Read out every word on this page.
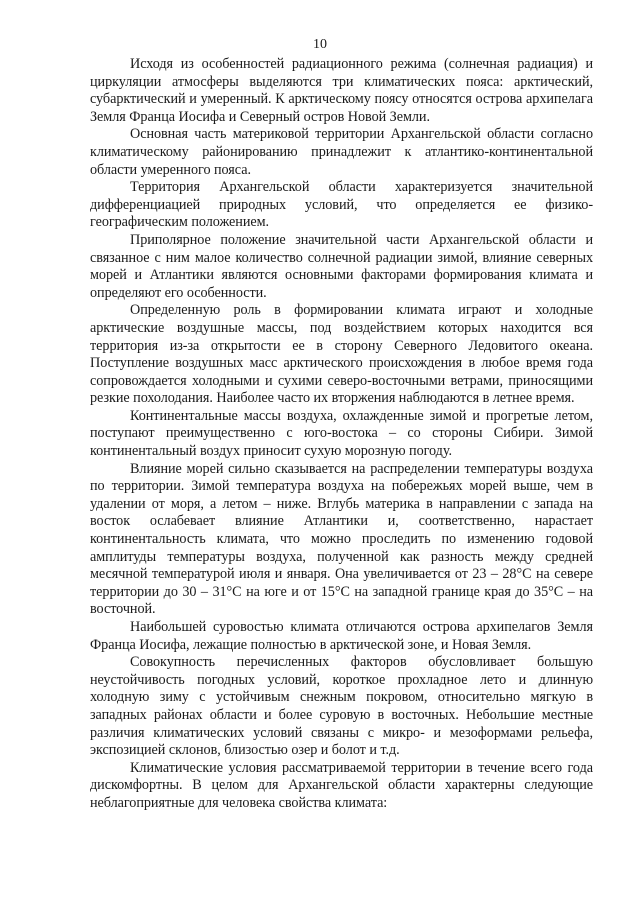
10

Исходя из особенностей радиационного режима (солнечная радиация) и циркуляции атмосферы выделяются три климатических пояса: арктический, субарктический и умеренный. К арктическому поясу относятся острова архипелага Земля Франца Иосифа и Северный остров Новой Земли.

Основная часть материковой территории Архангельской области согласно климатическому районированию принадлежит к атлантико-континентальной области умеренного пояса.

Территория Архангельской области характеризуется значительной дифференциацией природных условий, что определяется ее физико-географическим положением.

Приполярное положение значительной части Архангельской области и связанное с ним малое количество солнечной радиации зимой, влияние северных морей и Атлантики являются основными факторами формирования климата и определяют его особенности.

Определенную роль в формировании климата играют и холодные арктические воздушные массы, под воздействием которых находится вся территория из-за открытости ее в сторону Северного Ледовитого океана. Поступление воздушных масс арктического происхождения в любое время года сопровождается холодными и сухими северо-восточными ветрами, приносящими резкие похолодания. Наиболее часто их вторжения наблюдаются в летнее время.

Континентальные массы воздуха, охлажденные зимой и прогретые летом, поступают преимущественно с юго-востока – со стороны Сибири. Зимой континентальный воздух приносит сухую морозную погоду.

Влияние морей сильно сказывается на распределении температуры воздуха по территории. Зимой температура воздуха на побережьях морей выше, чем в удалении от моря, а летом – ниже. Вглубь материка в направлении с запада на восток ослабевает влияние Атлантики и, соответственно, нарастает континентальность климата, что можно проследить по изменению годовой амплитуды температуры воздуха, полученной как разность между средней месячной температурой июля и января. Она увеличивается от 23 – 28°С на севере территории до 30 – 31°С на юге и от 15°С на западной границе края до 35°С – на восточной.

Наибольшей суровостью климата отличаются острова архипелагов Земля Франца Иосифа, лежащие полностью в арктической зоне, и Новая Земля.

Совокупность перечисленных факторов обусловливает большую неустойчивость погодных условий, короткое прохладное лето и длинную холодную зиму с устойчивым снежным покровом, относительно мягкую в западных районах области и более суровую в восточных. Небольшие местные различия климатических условий связаны с микро- и мезоформами рельефа, экспозицией склонов, близостью озер и болот и т.д.

Климатические условия рассматриваемой территории в течение всего года дискомфортны. В целом для Архангельской области характерны следующие неблагоприятные для человека свойства климата:
